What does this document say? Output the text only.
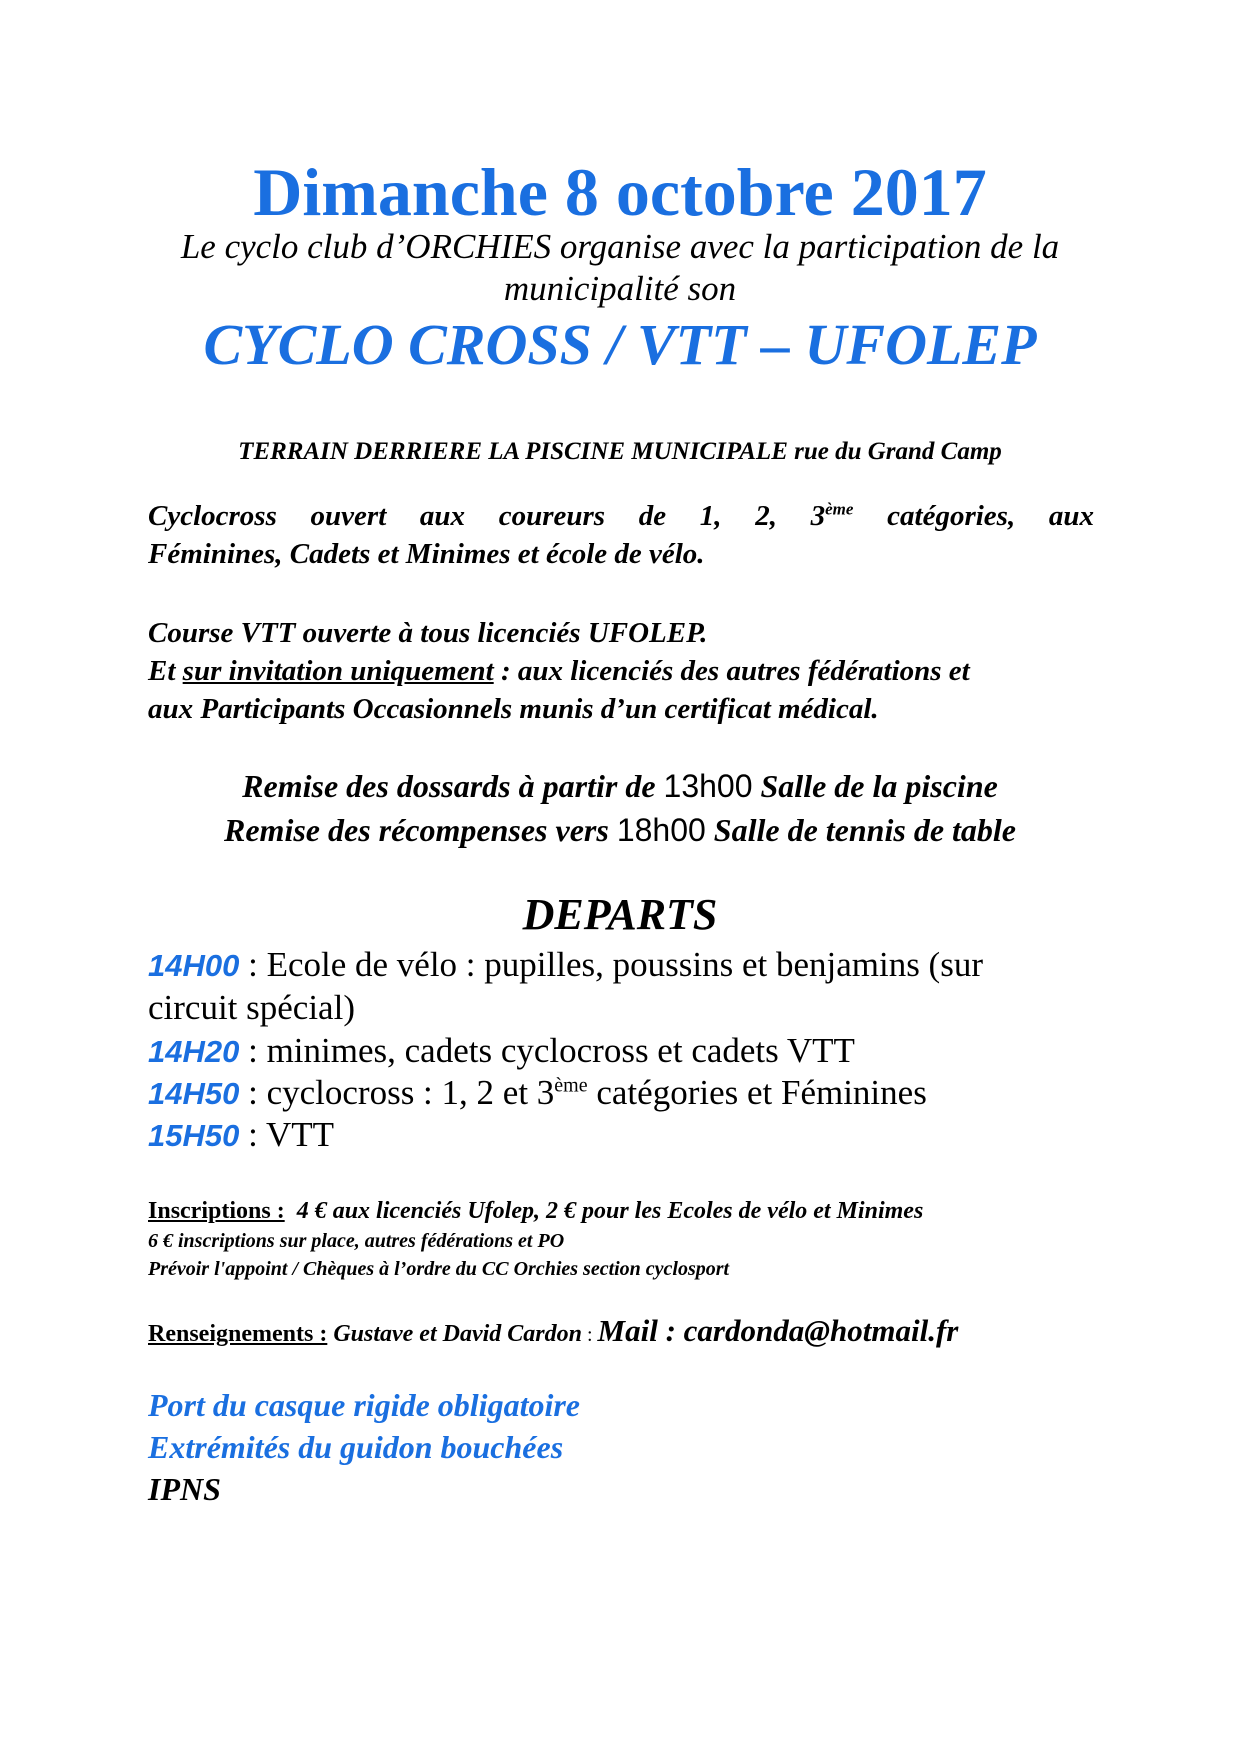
Dimanche 8 octobre 2017
Le cyclo club d’ORCHIES organise avec la participation de la
municipalité son
CYCLO CROSS / VTT – UFOLEP
TERRAIN DERRIERE LA PISCINE MUNICIPALE rue du Grand Camp
Cyclocross ouvert aux coureurs de 1, 2, 3ème catégories, aux
Féminines, Cadets et Minimes et école de vélo.
Course VTT ouverte à tous licenciés UFOLEP.
Et sur invitation uniquement : aux licenciés des autres fédérations et
aux Participants Occasionnels munis d’un certificat médical.
Remise des dossards à partir de 13h00 Salle de la piscine
Remise des récompenses vers 18h00 Salle de tennis de table
DEPARTS
14H00 : Ecole de vélo : pupilles, poussins et benjamins (sur
circuit spécial)
14H20 : minimes, cadets cyclocross et cadets VTT
14H50 : cyclocross : 1, 2 et 3ème catégories et Féminines
15H50 : VTT
Inscriptions : 4 € aux licenciés Ufolep, 2 € pour les Ecoles de vélo et Minimes
6 € inscriptions sur place, autres fédérations et PO
Prévoir l'appoint / Chèques à l’ordre du CC Orchies section cyclosport
Renseignements : Gustave et David Cardon : Mail : cardonda@hotmail.fr
Port du casque rigide obligatoire
Extrémités du guidon bouchées
IPNS
